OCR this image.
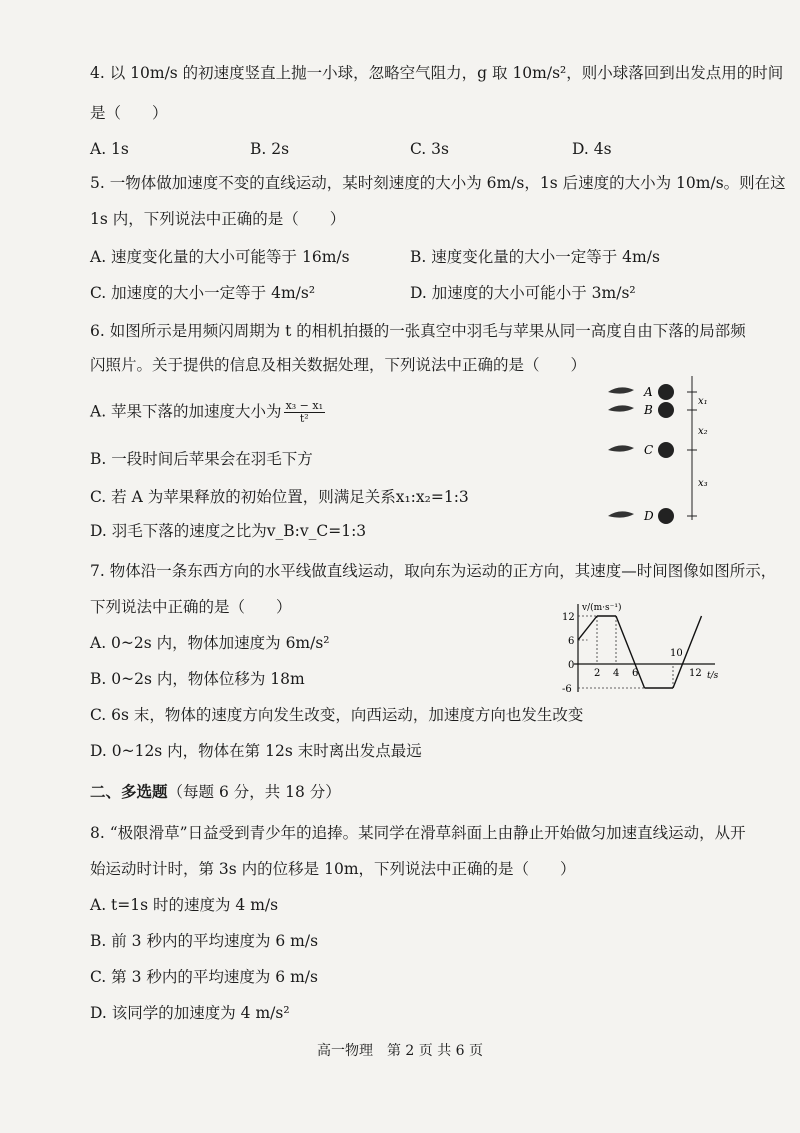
4. 以 10m/s 的初速度竖直上抛一小球，忽略空气阻力，g 取 10m/s²，则小球落回到出发点用的时间
是（　　）
A. 1s	B. 2s	C. 3s	D. 4s
5. 一物体做加速度不变的直线运动，某时刻速度的大小为 6m/s，1s 后速度的大小为 10m/s。则在这
1s 内，下列说法中正确的是（　　）
A. 速度变化量的大小可能等于 16m/s	B. 速度变化量的大小一定等于 4m/s
C. 加速度的大小一定等于 4m/s²	D. 加速度的大小可能小于 3m/s²
6. 如图所示是用频闪周期为 t 的相机拍摄的一张真空中羽毛与苹果从同一高度自由下落的局部频
闪照片。关于提供的信息及相关数据处理，下列说法中正确的是（　　）
A. 苹果下落的加速度大小为 $\frac{\text{x₃ − x₁}}{\text{t²}}$
B. 一段时间后苹果会在羽毛下方
C. 若 A 为苹果释放的初始位置，则满足关系x₁:x₂=1:3
D. 羽毛下落的速度之比为v_B:v_C=1:3
A
B
C
D
x₁
x₂
x₃
7. 物体沿一条东西方向的水平线做直线运动，取向东为运动的正方向，其速度—时间图像如图所示，
下列说法中正确的是（　　）
A. 0~2s 内，物体加速度为 6m/s²
B. 0~2s 内，物体位移为 18m
C. 6s 末，物体的速度方向发生改变，向西运动，加速度方向也发生改变
D. 0~12s 内，物体在第 12s 末时离出发点最远
v/(m·s⁻¹)
t/s
2 4 6
10
12
12
6
0
-6
二、多选题（每题 6 分，共 18 分）
8. “极限滑草”日益受到青少年的追捧。某同学在滑草斜面上由静止开始做匀加速直线运动，从开
始运动时计时，第 3s 内的位移是 10m，下列说法中正确的是（　　）
A. t=1s 时的速度为 4 m/s
B. 前 3 秒内的平均速度为 6 m/s
C. 第 3 秒内的平均速度为 6 m/s
D. 该同学的加速度为 4 m/s²
高一物理　第 2 页 共 6 页
